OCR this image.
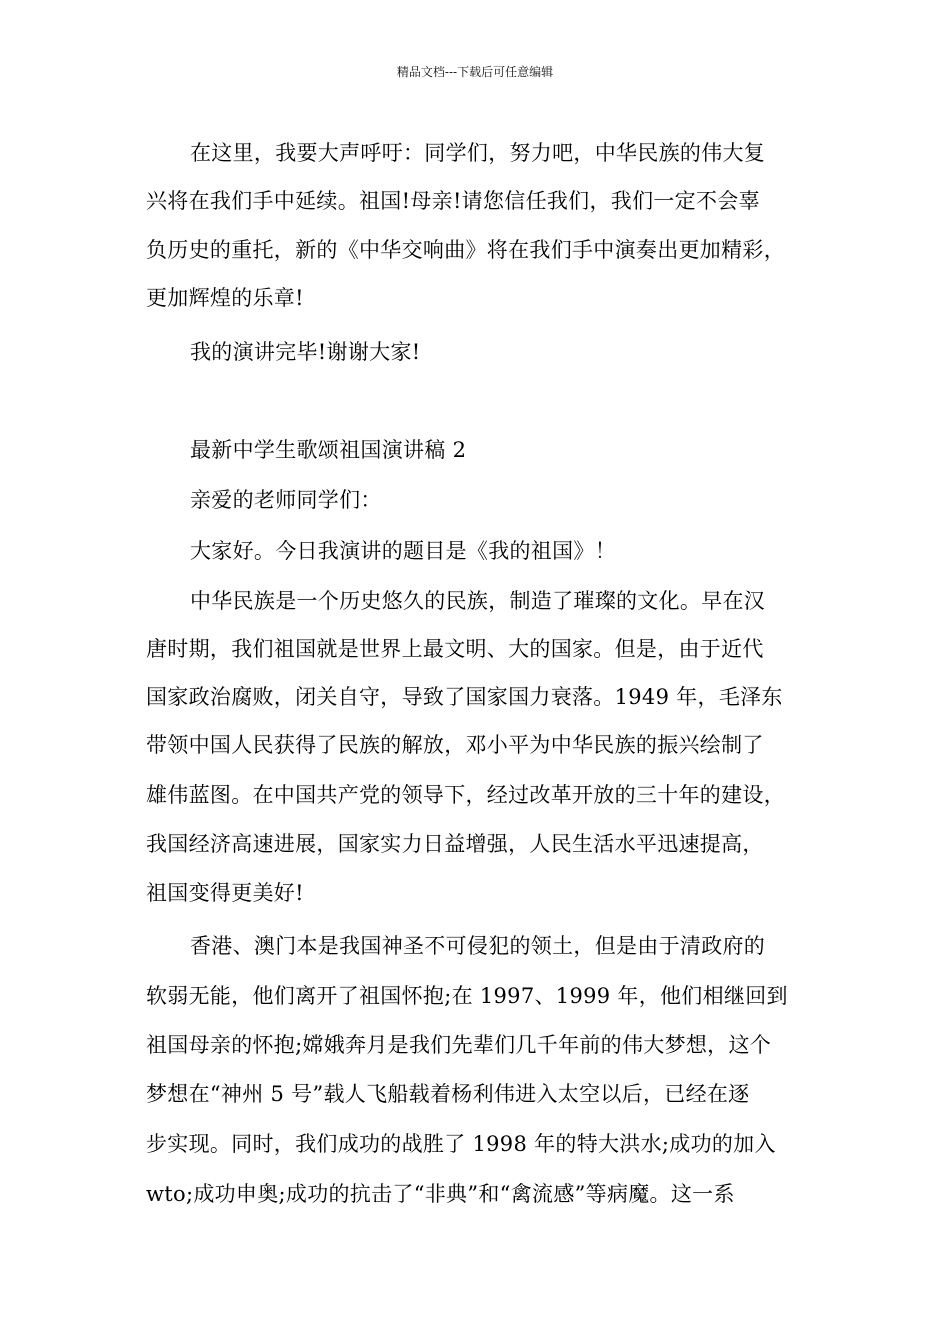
精品文档---下载后可任意编辑
在这里，我要大声呼吁：同学们，努力吧，中华民族的伟大复
兴将在我们手中延续。祖国!母亲!请您信任我们，我们一定不会辜
负历史的重托，新的《中华交响曲》将在我们手中演奏出更加精彩，
更加辉煌的乐章!
我的演讲完毕!谢谢大家!
最新中学生歌颂祖国演讲稿 2
亲爱的老师同学们：
大家好。今日我演讲的题目是《我的祖国》！
中华民族是一个历史悠久的民族，制造了璀璨的文化。早在汉
唐时期，我们祖国就是世界上最文明、大的国家。但是，由于近代
国家政治腐败，闭关自守，导致了国家国力衰落。1949 年，毛泽东
带领中国人民获得了民族的解放，邓小平为中华民族的振兴绘制了
雄伟蓝图。在中国共产党的领导下，经过改革开放的三十年的建设，
我国经济高速进展，国家实力日益增强，人民生活水平迅速提高，
祖国变得更美好!
香港、澳门本是我国神圣不可侵犯的领土，但是由于清政府的
软弱无能，他们离开了祖国怀抱;在 1997、1999 年，他们相继回到
祖国母亲的怀抱;嫦娥奔月是我们先辈们几千年前的伟大梦想，这个
梦想在“神州 5 号”载人飞船载着杨利伟进入太空以后，已经在逐
步实现。同时，我们成功的战胜了 1998 年的特大洪水;成功的加入
wto;成功申奥;成功的抗击了“非典”和“禽流感”等病魔。这一系
